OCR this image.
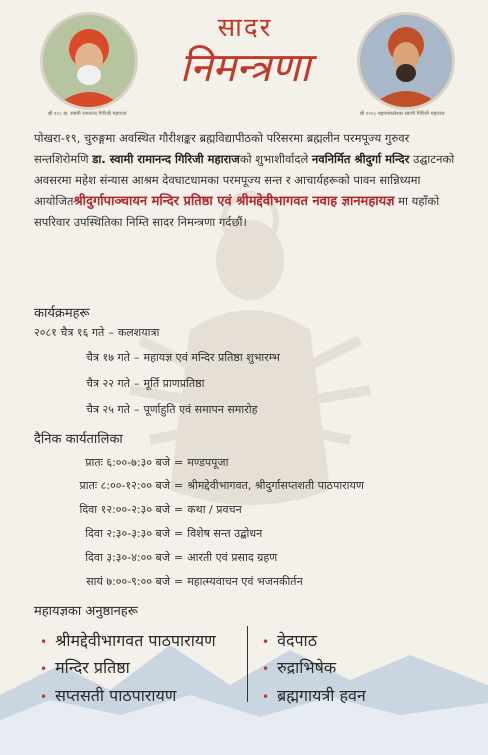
श्री १०८ डा. स्वामी रामानन्द गिरिजी महाराज	श्री १००८ महामण्डलेश्वर स्वामी गिरिजी महाराज
सादर
निमन्त्रणा
पोखरा-१९, चुरुङ्गमा अवस्थित गौरीशङ्कर ब्रह्मविद्यापीठको परिसरमा ब्रह्मलीन परमपूज्य गुरुवर सन्तशिरोमणि डा. स्वामी रामानन्द गिरिजी महाराजको शुभाशीर्वादले नवनिर्मित श्रीदुर्गा मन्दिर उद्घाटनको अवसरमा महेश संन्यास आश्रम देवघाटधामका परमपूज्य सन्त र आचार्यहरूको पावन सान्निध्यमा आयोजितश्रीदुर्गापाञ्चायन मन्दिर प्रतिष्ठा एवं श्रीमद्देवीभागवत नवाह ज्ञानमहायज्ञ मा यहाँको सपरिवार उपस्थितिका निम्ति सादर निमन्त्रणा गर्दछौं।
कार्यक्रमहरू
२०८१ चैत्र १६ गते – कलशयात्रा
चैत्र १७ गते – महायज्ञ एवं मन्दिर प्रतिष्ठा शुभारम्भ
चैत्र २२ गते – मूर्ति प्राणप्रतिष्ठा
चैत्र २५ गते – पूर्णाहुति एवं समापन समारोह
दैनिक कार्यतालिका
प्रातः ६:००-७:३० बजे = मण्डपपूजा
प्रातः ८:००-१२:०० बजे = श्रीमद्देवीभागवत, श्रीदुर्गासप्तशती पाठपारायण
दिवा १२:००-२:३० बजे = कथा / प्रवचन
दिवा २:३०-३:३० बजे = विशेष सन्त उद्बोधन
दिवा ३:३०-४:०० बजे = आरती एवं प्रसाद ग्रहण
सायं ७:००-९:०० बजे = महात्म्यवाचन एवं भजनकीर्तन
महायज्ञका अनुष्ठानहरू
• श्रीमद्देवीभागवत पाठपारायण
• मन्दिर प्रतिष्ठा
• सप्तसती पाठपारायण
• वेदपाठ
• रुद्राभिषेक
• ब्रह्मगायत्री हवन
